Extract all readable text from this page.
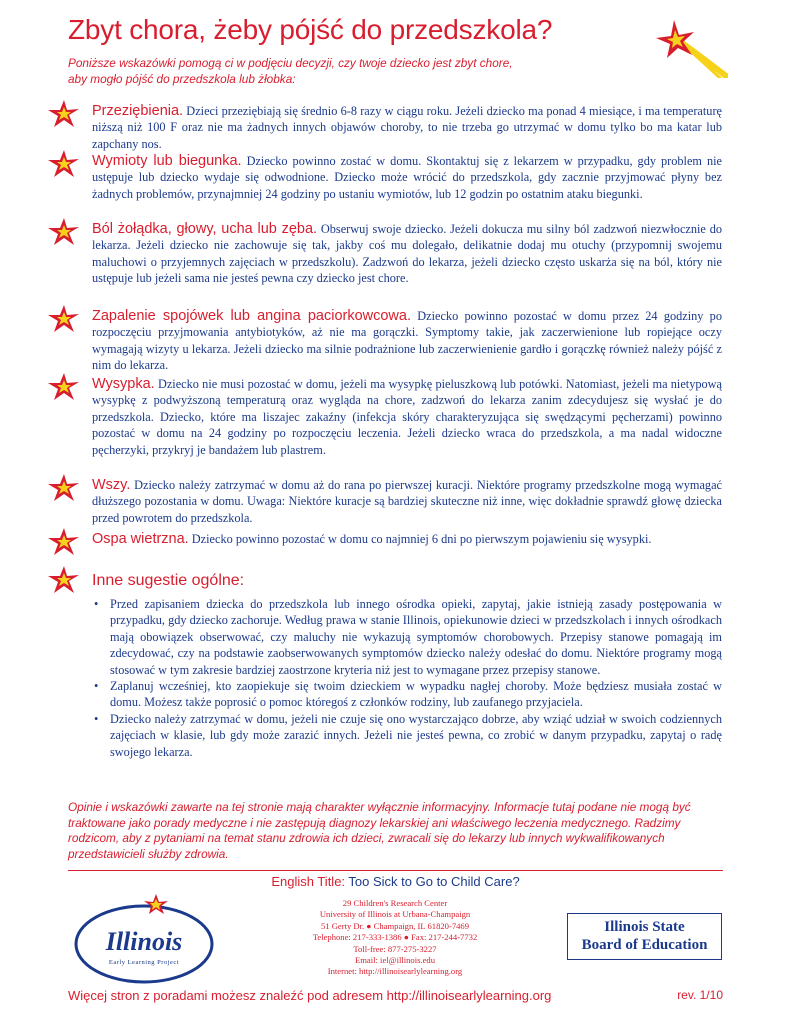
Zbyt chora, żeby pójść do przedszkola?
Poniższe wskazówki pomogą ci w podjęciu decyzji, czy twoje dziecko jest zbyt chore,
aby mogło pójść do przedszkola lub żłobka:
Przeziębienia. Dzieci przeziębiają się średnio 6-8 razy w ciągu roku. Jeżeli dziecko ma ponad 4 miesiące, i ma temperaturę niższą niż 100 F oraz nie ma żadnych innych objawów choroby, to nie trzeba go utrzymać w domu tylko bo ma katar lub zapchany nos.
Wymioty lub biegunka. Dziecko powinno zostać w domu. Skontaktuj się z lekarzem w przypadku, gdy problem nie ustępuje lub dziecko wydaje się odwodnione. Dziecko może wrócić do przedszkola, gdy zacznie przyjmować płyny bez żadnych problemów, przynajmniej 24 godziny po ustaniu wymiotów, lub 12 godzin po ostatnim ataku biegunki.
Ból żołądka, głowy, ucha lub zęba. Obserwuj swoje dziecko. Jeżeli dokucza mu silny ból zadzwoń niezwłocznie do lekarza. Jeżeli dziecko nie zachowuje się tak, jakby coś mu dolegało, delikatnie dodaj mu otuchy (przypomnij swojemu maluchowi o przyjemnych zajęciach w przedszkolu). Zadzwoń do lekarza, jeżeli dziecko często uskarża się na ból, który nie ustępuje lub jeżeli sama nie jesteś pewna czy dziecko jest chore.
Zapalenie spojówek lub angina paciorkowcowa. Dziecko powinno pozostać w domu przez 24 godziny po rozpoczęciu przyjmowania antybiotyków, aż nie ma gorączki. Symptomy takie, jak zaczerwienione lub ropiejące oczy wymagają wizyty u lekarza. Jeżeli dziecko ma silnie podrażnione lub zaczerwienienie gardło i gorączkę również należy pójść z nim do lekarza.
Wysypka. Dziecko nie musi pozostać w domu, jeżeli ma wysypkę pieluszkową lub potówki. Natomiast, jeżeli ma nietypową wysypkę z podwyższoną temperaturą oraz wygląda na chore, zadzwoń do lekarza zanim zdecydujesz się wysłać je do przedszkola. Dziecko, które ma liszajec zakaźny (infekcja skóry charakteryzująca się swędzącymi pęcherzami) powinno pozostać w domu na 24 godziny po rozpoczęciu leczenia. Jeżeli dziecko wraca do przedszkola, a ma nadal widoczne pęcherzyki, przykryj je bandażem lub plastrem.
Wszy. Dziecko należy zatrzymać w domu aż do rana po pierwszej kuracji. Niektóre programy przedszkolne mogą wymagać dłuższego pozostania w domu. Uwaga: Niektóre kuracje są bardziej skuteczne niż inne, więc dokładnie sprawdź głowę dziecka przed powrotem do przedszkola.
Ospa wietrzna. Dziecko powinno pozostać w domu co najmniej 6 dni po pierwszym pojawieniu się wysypki.
Inne sugestie ogólne:
• Przed zapisaniem dziecka do przedszkola lub innego ośrodka opieki, zapytaj, jakie istnieją zasady postępowania w przypadku, gdy dziecko zachoruje. Według prawa w stanie Illinois, opiekunowie dzieci w przedszkolach i innych ośrodkach mają obowiązek obserwować, czy maluchy nie wykazują symptomów chorobowych. Przepisy stanowe pomagają im zdecydować, czy na podstawie zaobserwowanych symptomów dziecko należy odesłać do domu. Niektóre programy mogą stosować w tym zakresie bardziej zaostrzone kryteria niż jest to wymagane przez przepisy stanowe.
• Zaplanuj wcześniej, kto zaopiekuje się twoim dzieckiem w wypadku nagłej choroby. Może będziesz musiała zostać w domu. Możesz także poprosić o pomoc któregoś z członków rodziny, lub zaufanego przyjaciela.
• Dziecko należy zatrzymać w domu, jeżeli nie czuje się ono wystarczająco dobrze, aby wziąć udział w swoich codziennych zajęciach w klasie, lub gdy może zarazić innych. Jeżeli nie jesteś pewna, co zrobić w danym przypadku, zapytaj o radę swojego lekarza.
Opinie i wskazówki zawarte na tej stronie mają charakter wyłącznie informacyjny. Informacje tutaj podane nie mogą być traktowane jako porady medyczne i nie zastępują diagnozy lekarskiej ani właściwego leczenia medycznego. Radzimy rodzicom, aby z pytaniami na temat stanu zdrowia ich dzieci, zwracali się do lekarzy lub innych wykwalifikowanych przedstawicieli służby zdrowia.
English Title: Too Sick to Go to Child Care?
Illinois
Early Learning Project
29 Children's Research Center
University of Illinois at Urbana-Champaign
51 Gerty Dr. ● Champaign, IL 61820-7469
Telephone: 217-333-1386 ● Fax: 217-244-7732
Toll-free: 877-275-3227
Email: iel@illinois.edu
Internet: http://illinoisearlylearning.org
Illinois State
Board of Education
Więcej stron z poradami możesz znaleźć pod adresem http://illinoisearlylearning.org	rev. 1/10
